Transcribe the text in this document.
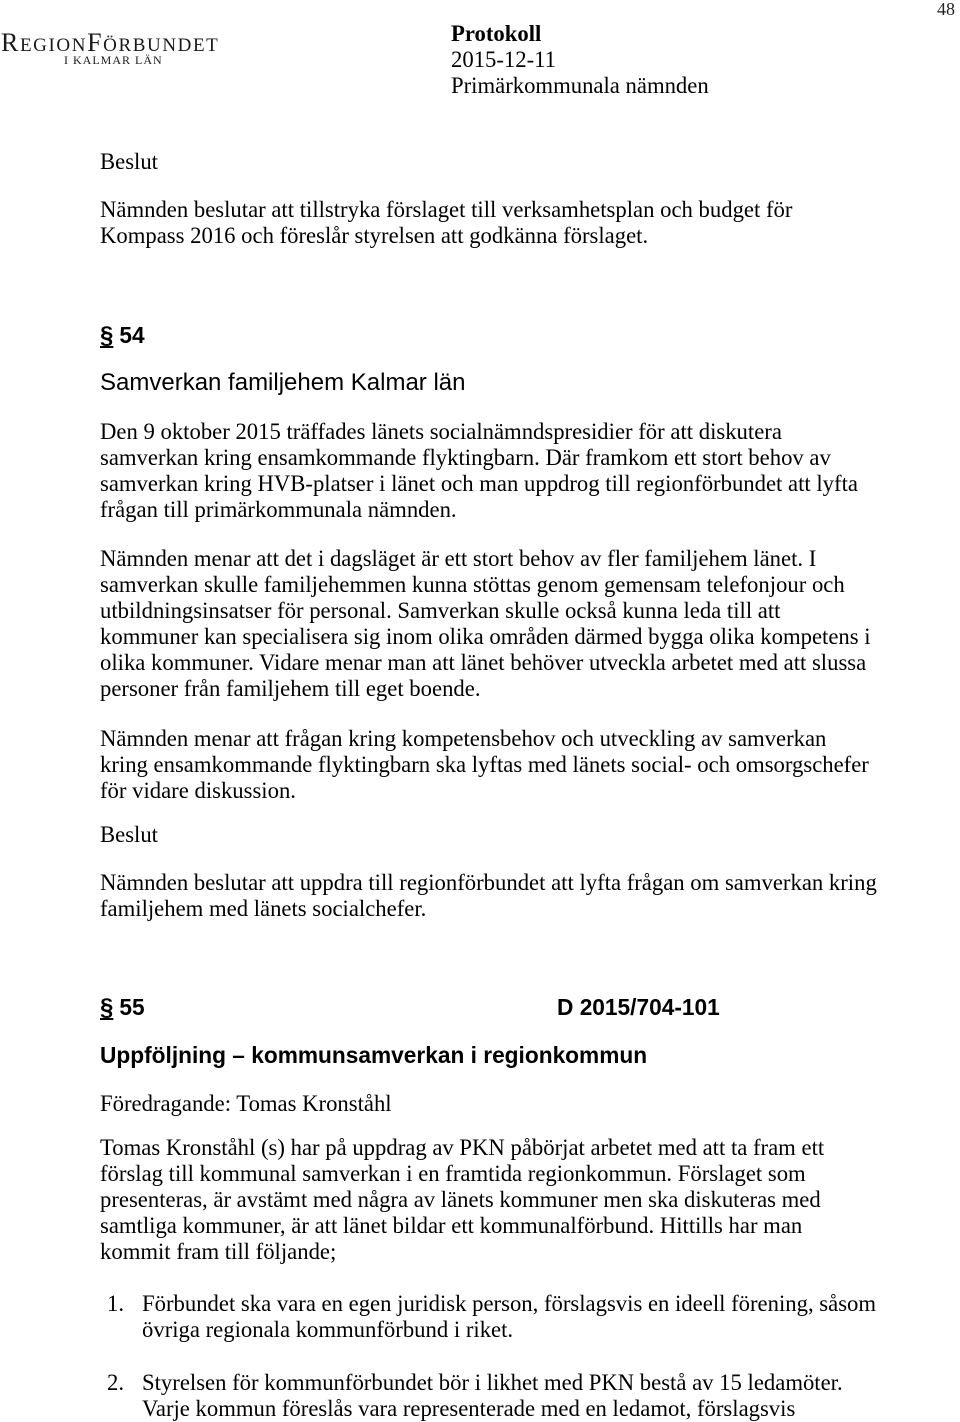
48
REGIONFÖRBUNDET
I KALMAR LÄN
Protokoll
2015-12-11
Primärkommunala nämnden
Beslut
Nämnden beslutar att tillstryka förslaget till verksamhetsplan och budget för
Kompass 2016 och föreslår styrelsen att godkänna förslaget.
§ 54
Samverkan familjehem Kalmar län
Den 9 oktober 2015 träffades länets socialnämndspresidier för att diskutera
samverkan kring ensamkommande flyktingbarn. Där framkom ett stort behov av
samverkan kring HVB-platser i länet och man uppdrog till regionförbundet att lyfta
frågan till primärkommunala nämnden.
Nämnden menar att det i dagsläget är ett stort behov av fler familjehem länet. I
samverkan skulle familjehemmen kunna stöttas genom gemensam telefonjour och
utbildningsinsatser för personal. Samverkan skulle också kunna leda till att
kommuner kan specialisera sig inom olika områden därmed bygga olika kompetens i
olika kommuner. Vidare menar man att länet behöver utveckla arbetet med att slussa
personer från familjehem till eget boende.
Nämnden menar att frågan kring kompetensbehov och utveckling av samverkan
kring ensamkommande flyktingbarn ska lyftas med länets social- och omsorgschefer
för vidare diskussion.
Beslut
Nämnden beslutar att uppdra till regionförbundet att lyfta frågan om samverkan kring
familjehem med länets socialchefer.
§ 55	D 2015/704-101
Uppföljning – kommunsamverkan i regionkommun
Föredragande: Tomas Kronståhl
Tomas Kronståhl (s) har på uppdrag av PKN påbörjat arbetet med att ta fram ett
förslag till kommunal samverkan i en framtida regionkommun. Förslaget som
presenteras, är avstämt med några av länets kommuner men ska diskuteras med
samtliga kommuner, är att länet bildar ett kommunalförbund. Hittills har man
kommit fram till följande;
1. Förbundet ska vara en egen juridisk person, förslagsvis en ideell förening, såsom
övriga regionala kommunförbund i riket.
2. Styrelsen för kommunförbundet bör i likhet med PKN bestå av 15 ledamöter.
Varje kommun föreslås vara representerade med en ledamot, förslagsvis
